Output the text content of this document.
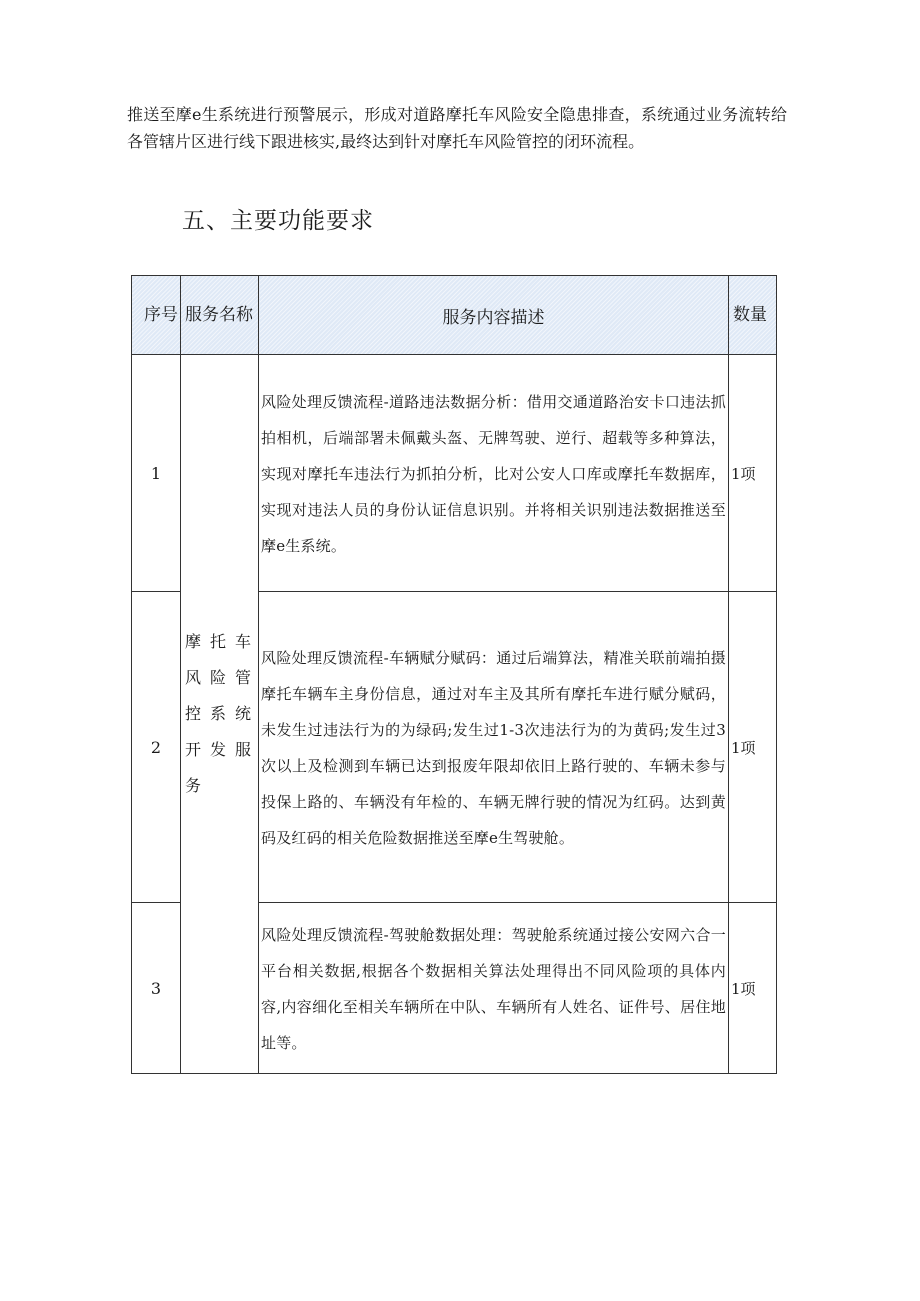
推送至摩e生系统进行预警展示，形成对道路摩托车风险安全隐患排查，系统通过业务流转给各管辖片区进行线下跟进核实,最终达到针对摩托车风险管控的闭环流程。

五、主要功能要求
序号	服务名称	服务内容描述	数量
1	摩托车风险管控系统开发服务	风险处理反馈流程-道路违法数据分析：借用交通道路治安卡口违法抓拍相机，后端部署未佩戴头盔、无牌驾驶、逆行、超载等多种算法，实现对摩托车违法行为抓拍分析，比对公安人口库或摩托车数据库，实现对违法人员的身份认证信息识别。并将相关识别违法数据推送至摩e生系统。	1项
2		风险处理反馈流程-车辆赋分赋码：通过后端算法，精准关联前端拍摄摩托车辆车主身份信息，通过对车主及其所有摩托车进行赋分赋码，未发生过违法行为的为绿码;发生过1-3次违法行为的为黄码;发生过3次以上及检测到车辆已达到报废年限却依旧上路行驶的、车辆未参与投保上路的、车辆没有年检的、车辆无牌行驶的情况为红码。达到黄码及红码的相关危险数据推送至摩e生驾驶舱。	1项
3		风险处理反馈流程-驾驶舱数据处理：驾驶舱系统通过接公安网六合一平台相关数据,根据各个数据相关算法处理得出不同风险项的具体内容,内容细化至相关车辆所在中队、车辆所有人姓名、证件号、居住地址等。	1项
